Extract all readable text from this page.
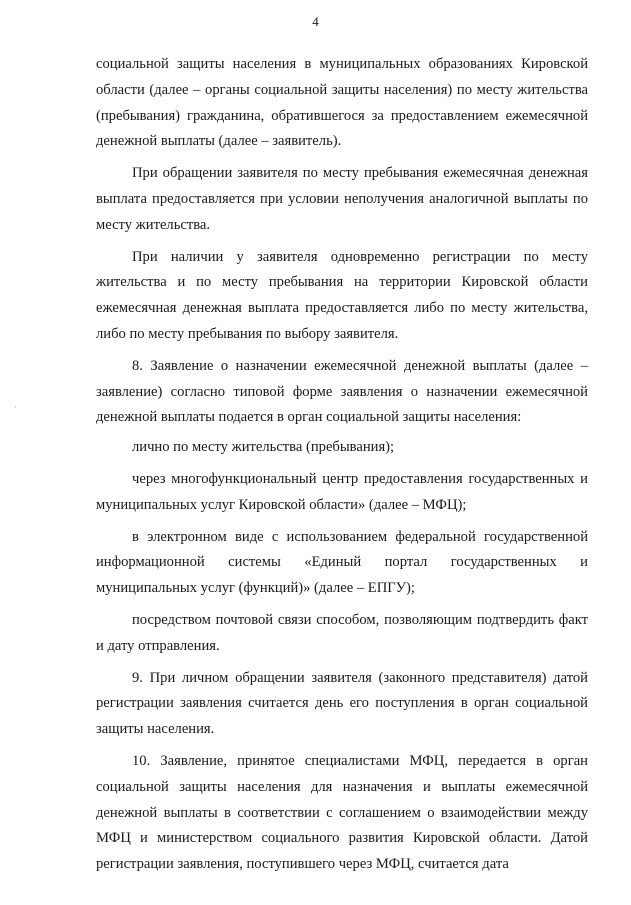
4
·

социальной защиты населения в муниципальных образованиях Кировской области (далее – органы социальной защиты населения) по месту жительства (пребывания) гражданина, обратившегося за предоставлением ежемесячной денежной выплаты (далее – заявитель).

При обращении заявителя по месту пребывания ежемесячная денежная выплата предоставляется при условии неполучения аналогичной выплаты по месту жительства.

При наличии у заявителя одновременно регистрации по месту жительства и по месту пребывания на территории Кировской области ежемесячная денежная выплата предоставляется либо по месту жительства, либо по месту пребывания по выбору заявителя.

8. Заявление о назначении ежемесячной денежной выплаты (далее – заявление) согласно типовой форме заявления о назначении ежемесячной денежной выплаты подается в орган социальной защиты населения:

лично по месту жительства (пребывания);

через многофункциональный центр предоставления государственных и муниципальных услуг Кировской области» (далее – МФЦ);

в электронном виде с использованием федеральной государственной информационной системы «Единый портал государственных и муниципальных услуг (функций)» (далее – ЕПГУ);

посредством почтовой связи способом, позволяющим подтвердить факт и дату отправления.

9. При личном обращении заявителя (законного представителя) датой регистрации заявления считается день его поступления в орган социальной защиты населения.

10. Заявление, принятое специалистами МФЦ, передается в орган социальной защиты населения для назначения и выплаты ежемесячной денежной выплаты в соответствии с соглашением о взаимодействии между МФЦ и министерством социального развития Кировской области. Датой регистрации заявления, поступившего через МФЦ, считается дата
